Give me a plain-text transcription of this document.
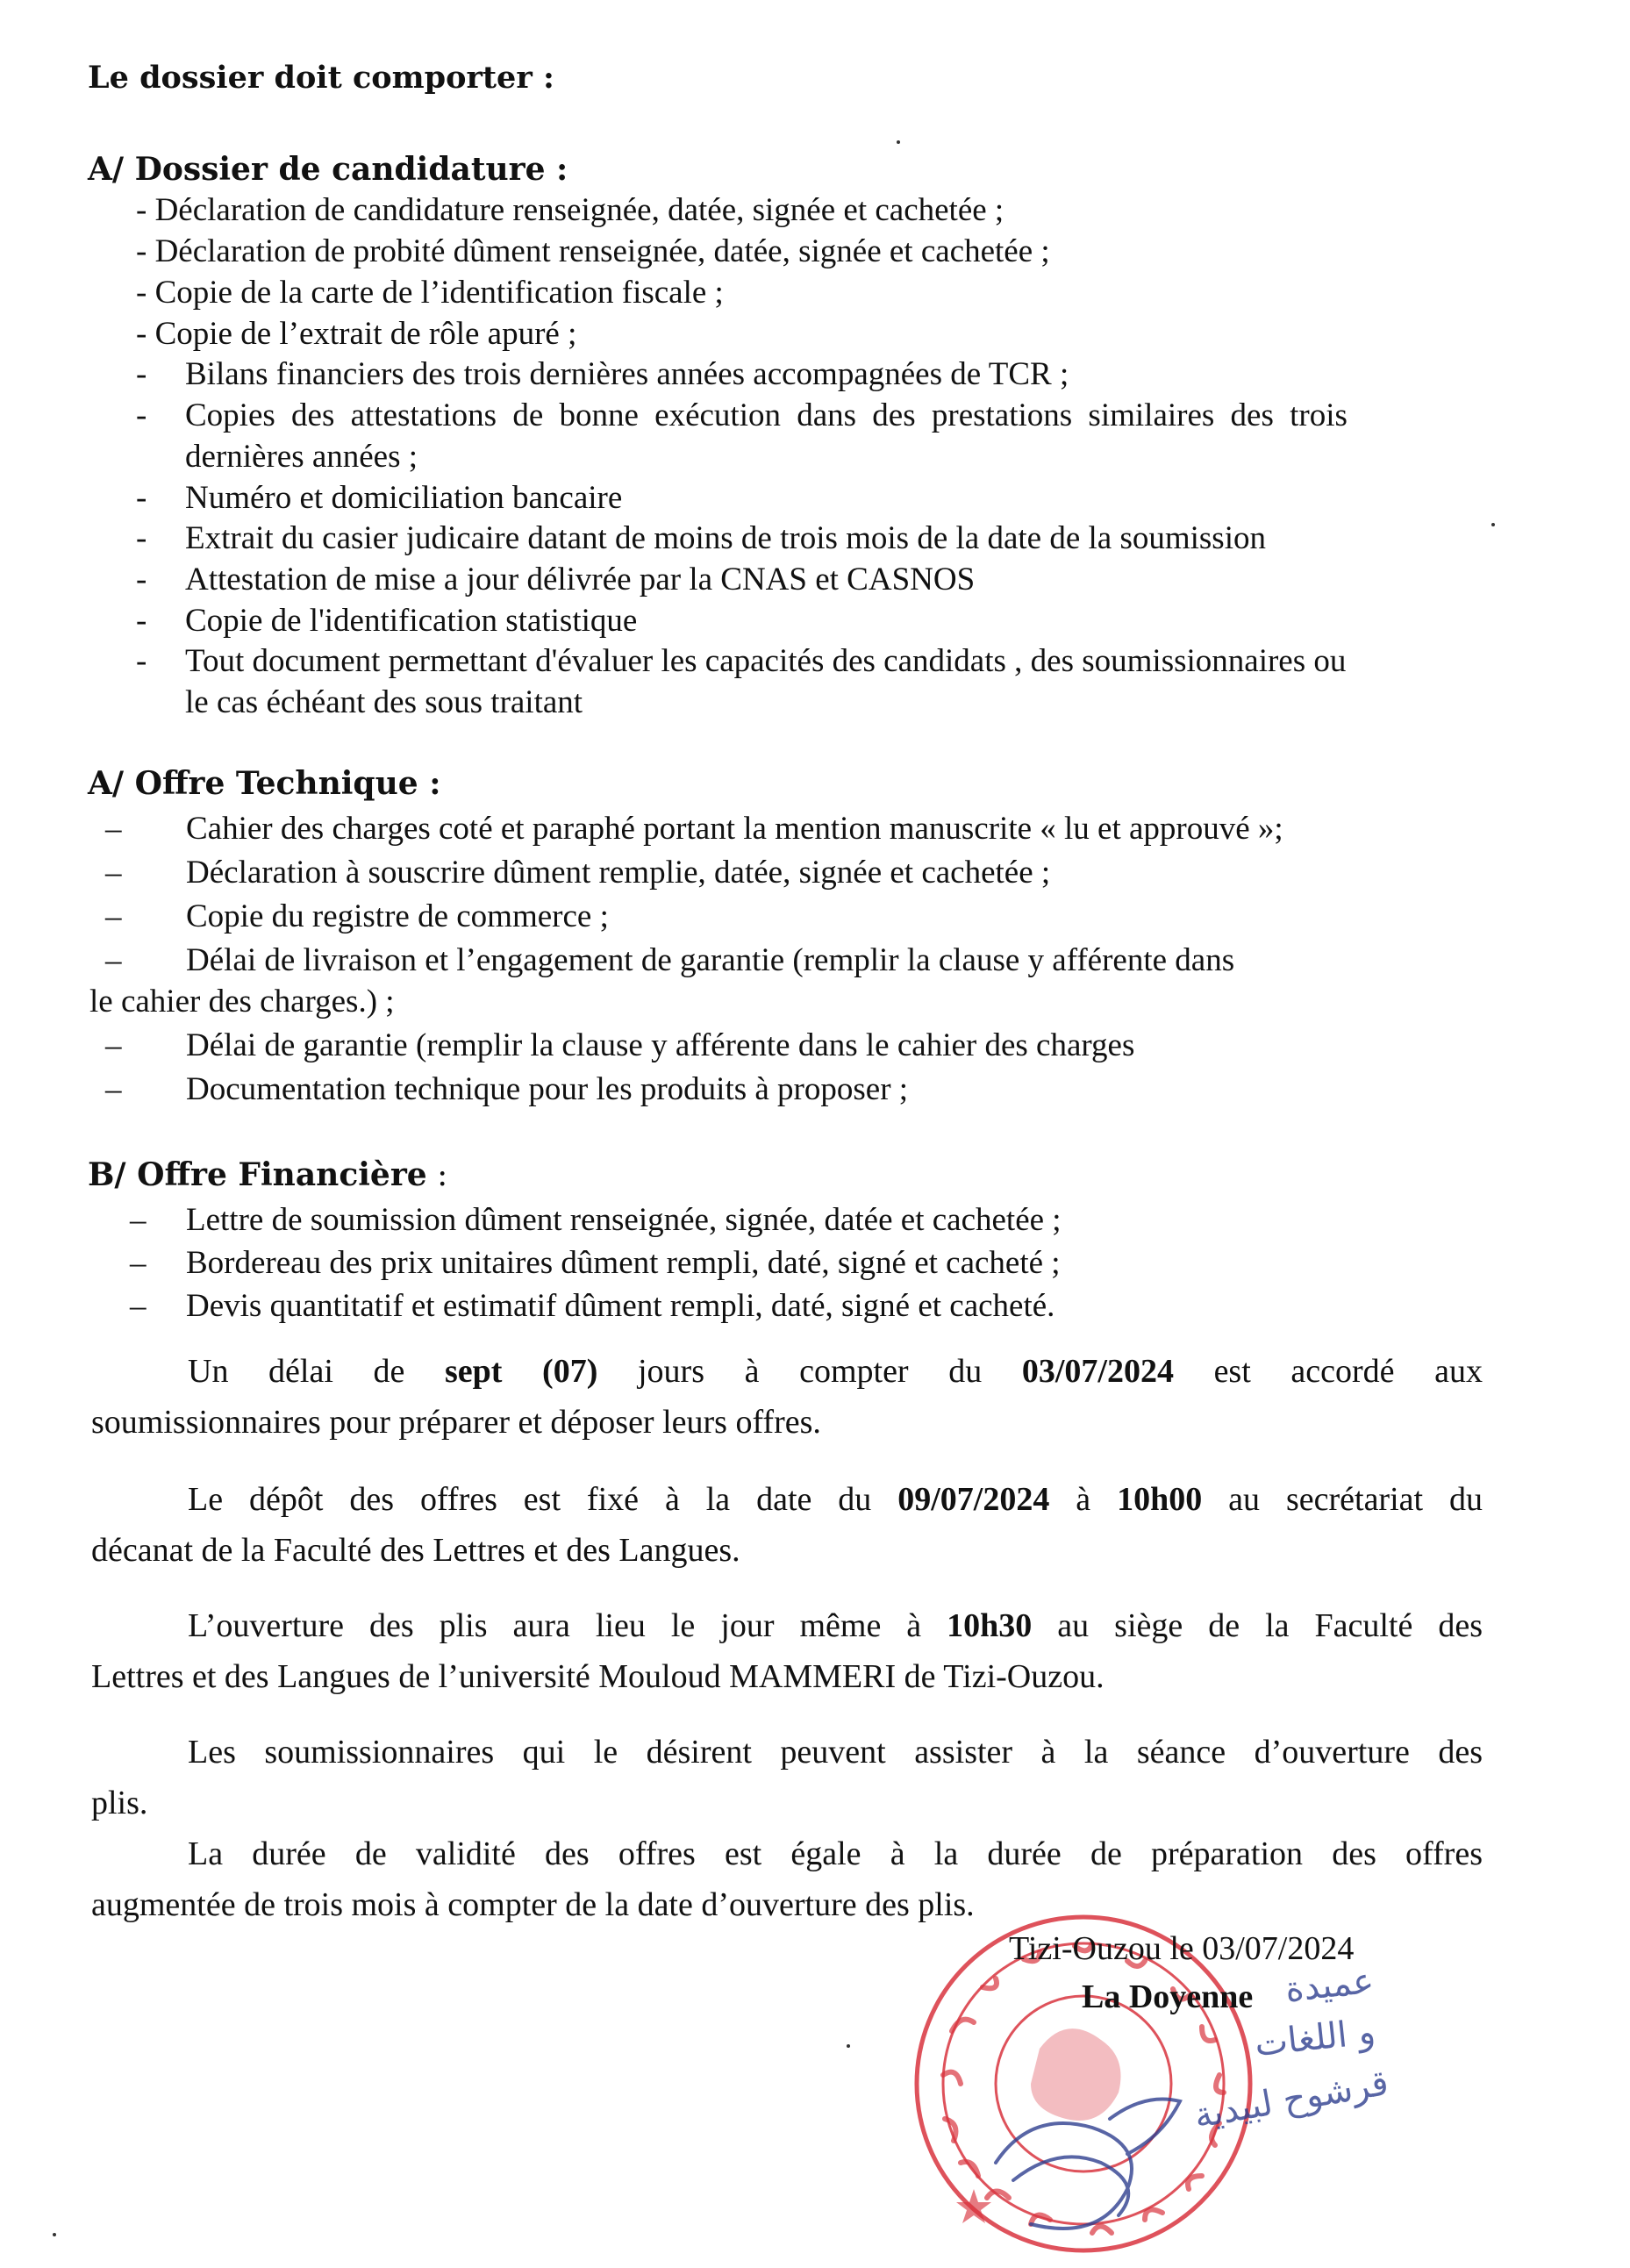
Le dossier doit comporter :
A/ Dossier de candidature :
- Déclaration de candidature renseignée, datée, signée et cachetée ;
- Déclaration de probité dûment renseignée, datée, signée et cachetée ;
- Copie de la carte de l’identification fiscale ;
- Copie de l’extrait de rôle apuré ;
- Bilans financiers des trois dernières années accompagnées de TCR ;
- Copies des attestations de bonne exécution dans des prestations similaires des trois
dernières années ;
- Numéro et domiciliation bancaire
- Extrait du casier judicaire datant de moins de trois mois de la date de la soumission
- Attestation de mise a jour délivrée par la CNAS et CASNOS
- Copie de l'identification statistique
- Tout document permettant d'évaluer les capacités des candidats , des soumissionnaires ou
le cas échéant des sous traitant
A/ Offre Technique :
– Cahier des charges coté et paraphé portant la mention manuscrite « lu et approuvé »;
– Déclaration à souscrire dûment remplie, datée, signée et cachetée ;
– Copie du registre de commerce ;
– Délai de livraison et l’engagement de garantie (remplir la clause y afférente dans
le cahier des charges.) ;
– Délai de garantie (remplir la clause y afférente dans le cahier des charges
– Documentation technique pour les produits à proposer ;
B/ Offre Financière :
– Lettre de soumission dûment renseignée, signée, datée et cachetée ;
– Bordereau des prix unitaires dûment rempli, daté, signé et cacheté ;
– Devis quantitatif et estimatif dûment rempli, daté, signé et cacheté.
Un délai de sept (07) jours à compter du 03/07/2024 est accordé aux
soumissionnaires pour préparer et déposer leurs offres.
Le dépôt des offres est fixé à la date du 09/07/2024 à 10h00 au secrétariat du
décanat de la Faculté des Lettres et des Langues.
L’ouverture des plis aura lieu le jour même à 10h30 au siège de la Faculté des
Lettres et des Langues de l’université Mouloud MAMMERI de Tizi-Ouzou.
Les soumissionnaires qui le désirent peuvent assister à la séance d’ouverture des
plis.
La durée de validité des offres est égale à la durée de préparation des offres
augmentée de trois mois à compter de la date d’ouverture des plis.
Tizi-Ouzou le 03/07/2024
La Doyenne عميدة
و اللغات
قرشوح لبيدية
